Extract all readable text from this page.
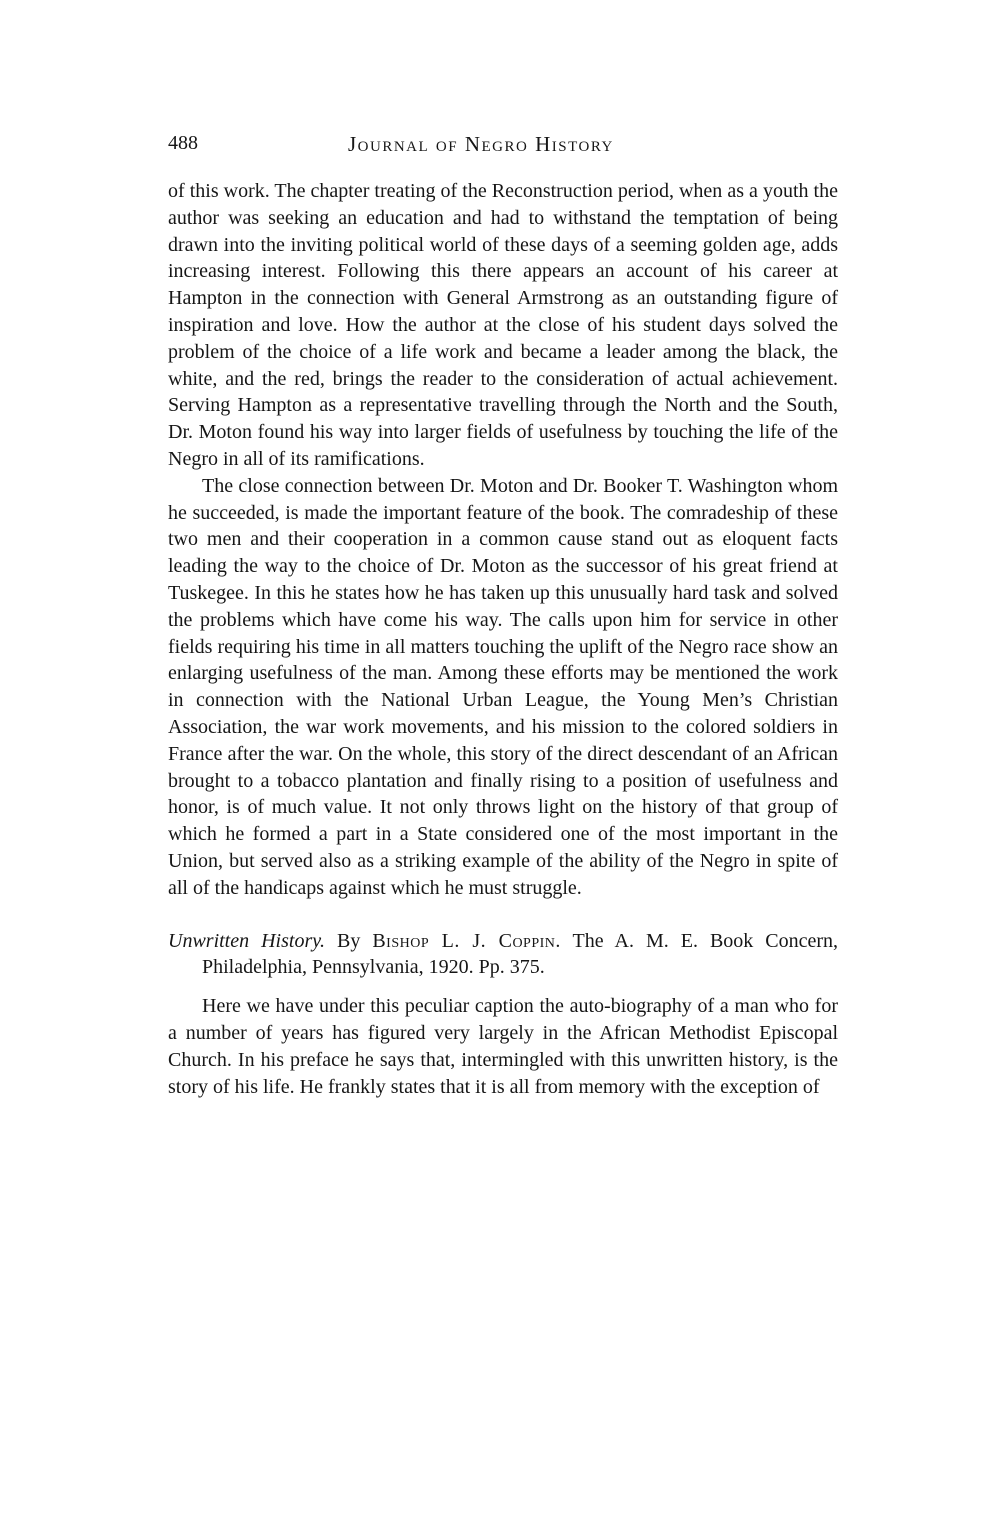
488	Journal of Negro History

of this work. The chapter treating of the Reconstruction period, when as a youth the author was seeking an education and had to withstand the temptation of being drawn into the inviting political world of these days of a seeming golden age, adds increasing interest. Following this there appears an account of his career at Hampton in the connection with General Armstrong as an outstanding figure of inspiration and love. How the author at the close of his student days solved the problem of the choice of a life work and became a leader among the black, the white, and the red, brings the reader to the consideration of actual achievement. Serving Hampton as a representative travelling through the North and the South, Dr. Moton found his way into larger fields of usefulness by touching the life of the Negro in all of its ramifications.

The close connection between Dr. Moton and Dr. Booker T. Washington whom he succeeded, is made the important feature of the book. The comradeship of these two men and their cooperation in a common cause stand out as eloquent facts leading the way to the choice of Dr. Moton as the successor of his great friend at Tuskegee. In this he states how he has taken up this unusually hard task and solved the problems which have come his way. The calls upon him for service in other fields requiring his time in all matters touching the uplift of the Negro race show an enlarging usefulness of the man. Among these efforts may be mentioned the work in connection with the National Urban League, the Young Men’s Christian Association, the war work movements, and his mission to the colored soldiers in France after the war. On the whole, this story of the direct descendant of an African brought to a tobacco plantation and finally rising to a position of usefulness and honor, is of much value. It not only throws light on the history of that group of which he formed a part in a State considered one of the most important in the Union, but served also as a striking example of the ability of the Negro in spite of all of the handicaps against which he must struggle.

Unwritten History. By Bishop L. J. Coppin. The A. M. E. Book Concern, Philadelphia, Pennsylvania, 1920. Pp. 375.

Here we have under this peculiar caption the auto-biography of a man who for a number of years has figured very largely in the African Methodist Episcopal Church. In his preface he says that, intermingled with this unwritten history, is the story of his life. He frankly states that it is all from memory with the exception of
